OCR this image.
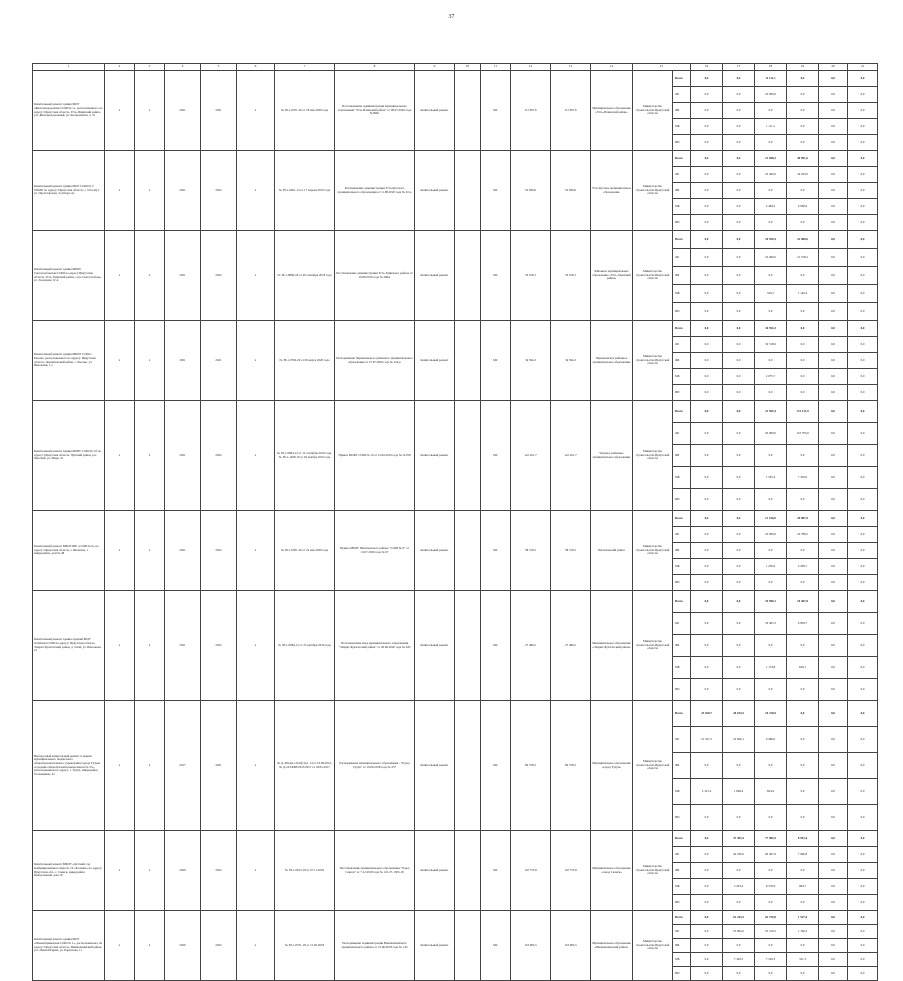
37
1	2	3	4	5	6	7	8	9	10	11	12	13	14	15		16	17	18	19	20	21
Капитальный ремонт здания МОУ «Железнодорожная СОШ № 1», расположенного по адресу: Иркутская область, Усть-Илимский район, р.п. Железнодорожный, ул. Космонавтов, д. 21	x	x	2021	2021	x	№ 38-1-0701-20 от 18 мая 2020 года	Постановление Администрации муниципального образования "Усть-Илимский район" от 08.07.2020 года №390п	Капитальный ремонт		МС	111 087,6	111 087,6	Муниципальное образование «Усть-Илимский район»	Министерство строительства Иркутской области	Всего	0,0	0,0	11 111,1	0,0	0,0	0,0
															ОБ	0,0	0,0	10 000,0	0,0	0,0	0,0
															ФБ	0,0	0,0	0,0	0,0	0,0	0,0
															МБ	0,0	0,0	1 111,1	0,0	0,0	0,0
															ИИ	0,0	0,0	0,0	0,0	0,0	0,0
Капитальный ремонт здания МОУ СОШ № 2 УКМО по адресу: Иркутская область, г. Усть-Кут, ул. Пролетарская, 2 (литера А)	x	x	2021	2022	x	№ 38-1-0401-13 от 17 апреля 2019 года	Распоряжение администрации Усть-Кутского муниципального образования от 11.08.2020 года № 92-р	Капитальный ремонт		МС	52 839,6	52 839,6	Усть-Кутское муниципальное образование	Министерство строительства Иркутской области	Всего	0,0	0,0	12 848,2	40 991,6	0,0	0,0
															ОБ	0,0	0,0	10 400,0	34 023,0	0,0	0,0
															ФБ	0,0	0,0	0,0	0,0	0,0	0,0
															МБ	0,0	0,0	2 448,2	6 968,6	0,0	0,0
															ИИ	0,0	0,0	0,0	0,0	0,0	0,0
Капитальный ремонт здания МБОУ Светлолобовская СОШ по адресу Иркутская область, Усть-Удинский район, село Светлолобово, ул. Заозерная 12 А	x	x	2021	2022	x	№ 38-1-0806-18 от 20 сентября 2018 года	Постановление администрации Усть-Удинского района от 16.08.2019 года № 269А	Капитальный ремонт		МС	33 018,1	33 018,1	Районное муниципальное образование «Усть-Удинский район»	Министерство строительства Иркутской области	Всего	0,0	0,0	10 926,5	22 080,6	0,0	0,0
															ОБ	0,0	0,0	10 400,0	21 018,2	0,0	0,0
															ФБ	0,0	0,0	0,0	0,0	0,0	0,0
															МБ	0,0	0,0	526,5	1 140,4	0,0	0,0
															ИИ	0,0	0,0	0,0	0,0	0,0	0,0
Капитальный ремонт здания МКОУ СОШ с. Рысево, расположенного по адресу: Иркутская область, Черемховский район, с. Рысево, ул. Школьная, 1 а	x	x	2021	2021	x	№ 38-1-0702-20 от 06 марта 2020 года	Распоряжение Черемховского районного муниципального образования от 27.07.2020 года № 224-р	Капитальный ремонт		МС	34 594,3	34 594,3	Черемховское районное муниципальное образование	Министерство строительства Иркутской области	Всего	0,0	0,0	34 594,3	0,0	0,0	0,0
															ОБ	0,0	0,0	32 518,6	0,0	0,0	0,0
															ФБ	0,0	0,0	0,0	0,0	0,0	0,0
															МБ	0,0	0,0	2 075,7	0,0	0,0	0,0
															ИИ	0,0	0,0	0,0	0,0	0,0	0,0
Капитальный ремонт здания МОБУ СОШ № 10 по адресу: Иркутская область, Чунский район, р.п. Чунский, ул. Мира, 31	x	x	2021	2022	x	№ 38-1-0864-13 от 12 сентября 2019 года, № 38-1-1208-19 от 29 ноября 2019 года	Приказ МОБУ СОШ № 10 от 12.09.2019 года № О-258	Капитальный ремонт		МС	122 201,7	122 201,7	Чунское районное муниципальное образование	Министерство строительства Иркутской области	Всего	0,0	0,0	21 505,4	131 113,9	0,0	0,0
															ОБ	0,0	0,0	20 000,0	123 783,9	0,0	0,0
															ФБ	0,0	0,0	0,0	0,0	0,0	0,0
															МБ	0,0	0,0	1 505,4	7 330,0	0,0	0,0
															ИИ	0,0	0,0	0,0	0,0	0,0	0,0
Капитальный ремонт МБОУ ШР «СОШ № 6» по адресу: Иркутская область, г. Шелехов, 1 микрорайон, дом № 48	x	x	2021	2022	x	№ 38-1-0591-20 от 22 мая 2020 года	Приказ МБОУ Шелеховского района "СОШ № 6" от 13.07.2020 года № 67	Капитальный ремонт		МС	38 519,5	38 519,5	Шелеховский район	Министерство строительства Иркутской области	Всего	0,0	0,0	11 236,0	29 087,9	0,0	0,0
															ОБ	0,0	0,0	10 000,0	24 788,2	0,0	0,0
															ФБ	0,0	0,0	0,0	0,0	0,0	0,0
															МБ	0,0	0,0	1 236,0	4 299,7	0,0	0,0
															ИИ	0,0	0,0	0,0	0,0	0,0	0,0
Капитальный ремонт здания средней МОУ Олойская СОШ по адресу: Иркутская область, Эхирит-Булагатский район, д. Олой, ул. Школьная, 21	x	x	2021	2022	x	№ 38-1-0984-15 от 23 октября 2019 года	Постановление мэра муниципального образования "Эхирит-Булагатский район" от 26.06.2020 года № 643	Капитальный ремонт		МС	27 489,2	27 489,2	Муниципальное образование «Эхирит-Булагатский район»	Министерство строительства Иркутской области	Всего	0,0	0,0	19 580,1	10 467,8	0,0	0,0
															ОБ	0,0	0,0	18 405,3	9 839,7	0,0	0,0
															ФБ	0,0	0,0	0,0	0,0	0,0	0,0
															МБ	0,0	0,0	1 174,8	628,1	0,0	0,0
															ИИ	0,0	0,0	0,0	0,0	0,0	0,0
Выборочный капитальный ремонт в здании муниципального бюджетного общеобразовательного учреждения города Тулуна «Средняя общеобразовательная школа № 25», расположенном по адресу: г. Тулун, микрорайон Угольщиков, 43	x	x	2017	2021	x	№ Д-439/дм-1/04/ф/141, 14 от 16.09.2014, № Д-163/КВЗ/2015/2017 от 18.05.2017	Распоряжение муниципального образования - "Город Тулун" от 19.06.2018 года № 257	Капитальный ремонт		МС	69 578,5	69 578,5	Муниципальное образование «город Тулун»	Министерство строительства Иркутской области	Всего	23 628,7	20 104,5	10 318,9	0,0	0,0	0,0
															ОБ	21 527,3	19 699,1	9 486,0	0,0	0,0	0,0
															ФБ	0,0	0,0	0,0	0,0	0,0	0,0
															МБ	2 101,4	1 698,4	824,9	0,0	0,0	0,0
															ИИ	0,0	0,0	0,0	0,0	0,0	0,0
Капитальный ремонт МБОУ «Детский сад комбинированного вида № 19 «Росинка» по адресу: Иркутская обл., г. Саянск, микрорайон Центральный, дом 19	x	x	2020	2022	x	№ 38-1-0913-18 от 07.11.2018	Постановление муниципального образования "Город Саянск" от 7.12.2018 года № 110-37-1305-18	Капитальный ремонт		МС	110 753,8	110 753,8	Муниципальное образование «город Саянск»	Министерство строительства Иркутской области	Всего	0,0	47 383,4	77 984,5	8 951,6	0,0	0,0
															ОБ	0,0	42 180,0	69 407,9	7 966,8	0,0	0,0
															ФБ	0,0	0,0	0,0	0,0	0,0	0,0
															МБ	0,0	5 203,4	8 576,6	984,7	0,0	0,0
															ИИ	0,0	0,0	0,0	0,0	0,0	0,0
Капитальный ремонт здания МОУ «Новоигирминская СОШ № 1», расположенного по адресу: Иркутская область, Нижнеилимский район, р.п. Новая Игирма, ул. Бархатова, 11	x	x	2020	2022	x	№ 38-1-0531-18 от 15.05.2018	Распоряжение Администрации Нижнеилимского муниципального района от 21.06.2018 года № 143	Капитальный ремонт		МС	123 982,5	123 982,5	Муниципальное образование «Нижнеилимский район»	Министерство строительства Иркутской области	Всего	0,0	61 243,5	62 739,8	1 527,6	0,0	0,0
															ОБ	0,0	53 894,2	55 210,5	1 196,3	0,0	0,0
															ФБ	0,0	0,0	0,0	0,0	0,0	0,0
															МБ	0,0	7 349,3	7 529,3	331,3	0,0	0,0
															ИИ	0,0	0,0	0,0	0,0	0,0	0,0
